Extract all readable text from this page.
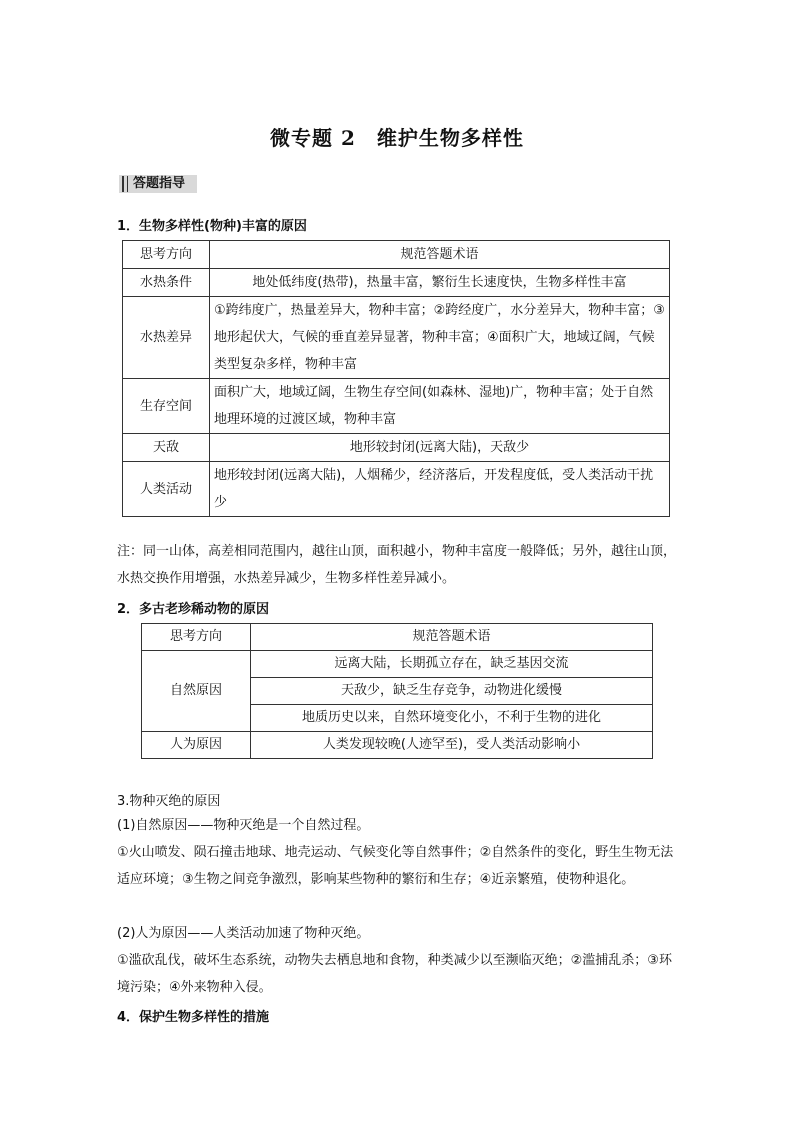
微专题 2　维护生物多样性
答题指导
1．生物多样性(物种)丰富的原因
思考方向	规范答题术语
水热条件	地处低纬度(热带)，热量丰富，繁衍生长速度快，生物多样性丰富
水热差异	①跨纬度广，热量差异大，物种丰富；②跨经度广，水分差异大，物种丰富；③地形起伏大，气候的垂直差异显著，物种丰富；④面积广大，地域辽阔，气候类型复杂多样，物种丰富
生存空间	面积广大，地域辽阔，生物生存空间(如森林、湿地)广，物种丰富；处于自然地理环境的过渡区域，物种丰富
天敌	地形较封闭(远离大陆)，天敌少
人类活动	地形较封闭(远离大陆)，人烟稀少，经济落后，开发程度低，受人类活动干扰少

注：同一山体，高差相同范围内，越往山顶，面积越小，物种丰富度一般降低；另外，越往山顶，水热交换作用增强，水热差异减少，生物多样性差异减小。

2．多古老珍稀动物的原因
思考方向	规范答题术语
自然原因	远离大陆，长期孤立存在，缺乏基因交流
	天敌少，缺乏生存竞争，动物进化缓慢
	地质历史以来，自然环境变化小，不利于生物的进化
人为原因	人类发现较晚(人迹罕至)，受人类活动影响小
3.物种灭绝的原因

(1)自然原因——物种灭绝是一个自然过程。

①火山喷发、陨石撞击地球、地壳运动、气候变化等自然事件；②自然条件的变化，野生生物无法适应环境；③生物之间竞争激烈，影响某些物种的繁衍和生存；④近亲繁殖，使物种退化。

(2)人为原因——人类活动加速了物种灭绝。

①滥砍乱伐，破坏生态系统，动物失去栖息地和食物，种类减少以至濒临灭绝；②滥捕乱杀；③环境污染；④外来物种入侵。

4．保护生物多样性的措施
